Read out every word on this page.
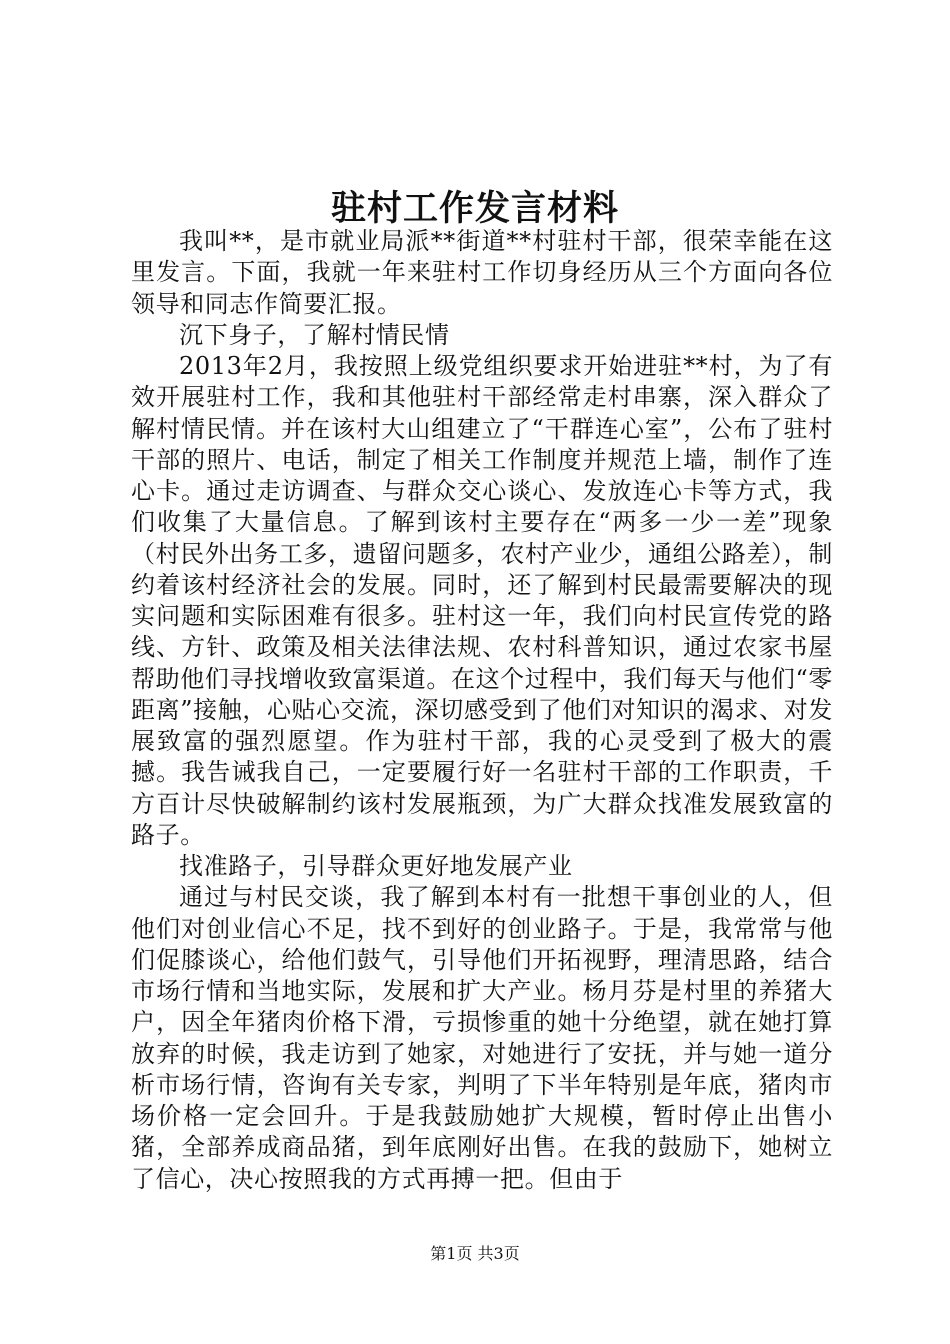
驻村工作发言材料

我叫**，是市就业局派**街道**村驻村干部，很荣幸能在这里发言。下面，我就一年来驻村工作切身经历从三个方面向各位领导和同志作简要汇报。

沉下身子，了解村情民情

2013年2月，我按照上级党组织要求开始进驻**村，为了有效开展驻村工作，我和其他驻村干部经常走村串寨，深入群众了解村情民情。并在该村大山组建立了“干群连心室”，公布了驻村干部的照片、电话，制定了相关工作制度并规范上墙，制作了连心卡。通过走访调查、与群众交心谈心、发放连心卡等方式，我们收集了大量信息。了解到该村主要存在“两多一少一差”现象（村民外出务工多，遗留问题多，农村产业少，通组公路差），制约着该村经济社会的发展。同时，还了解到村民最需要解决的现实问题和实际困难有很多。驻村这一年，我们向村民宣传党的路线、方针、政策及相关法律法规、农村科普知识，通过农家书屋帮助他们寻找增收致富渠道。在这个过程中，我们每天与他们“零距离”接触，心贴心交流，深切感受到了他们对知识的渴求、对发展致富的强烈愿望。作为驻村干部，我的心灵受到了极大的震撼。我告诫我自己，一定要履行好一名驻村干部的工作职责，千方百计尽快破解制约该村发展瓶颈，为广大群众找准发展致富的路子。

找准路子，引导群众更好地发展产业

通过与村民交谈，我了解到本村有一批想干事创业的人，但他们对创业信心不足，找不到好的创业路子。于是，我常常与他们促膝谈心，给他们鼓气，引导他们开拓视野，理清思路，结合市场行情和当地实际，发展和扩大产业。杨月芬是村里的养猪大户，因全年猪肉价格下滑，亏损惨重的她十分绝望，就在她打算放弃的时候，我走访到了她家，对她进行了安抚，并与她一道分析市场行情，咨询有关专家，判明了下半年特别是年底，猪肉市场价格一定会回升。于是我鼓励她扩大规模，暂时停止出售小猪，全部养成商品猪，到年底刚好出售。在我的鼓励下，她树立了信心，决心按照我的方式再搏一把。但由于

第1页 共3页
